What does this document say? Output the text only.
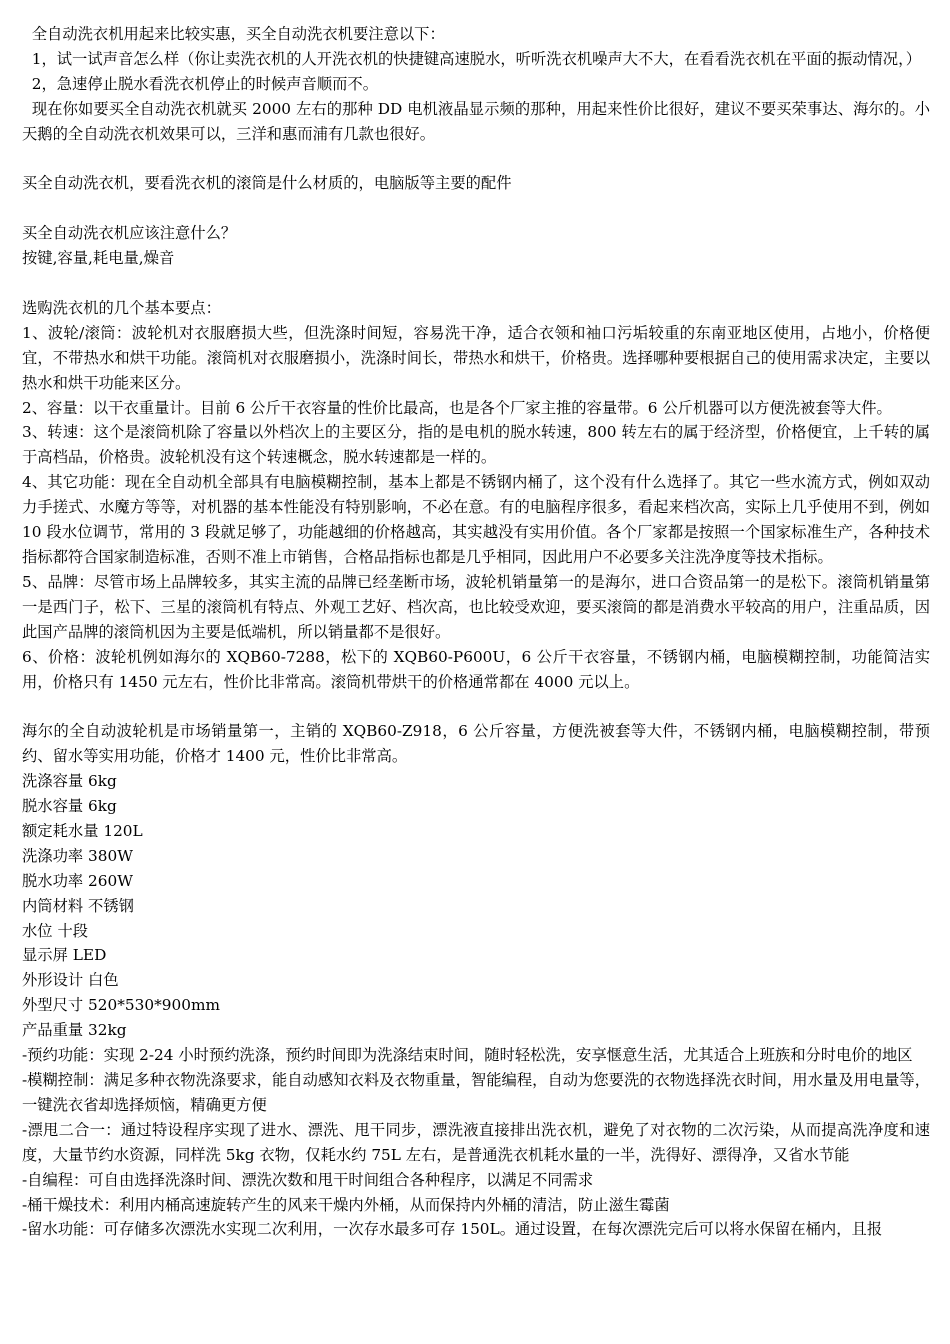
全自动洗衣机用起来比较实惠，买全自动洗衣机要注意以下：
1，试一试声音怎么样（你让卖洗衣机的人开洗衣机的快捷键高速脱水，听听洗衣机噪声大不大，在看看洗衣机在平面的振动情况，）
2，急速停止脱水看洗衣机停止的时候声音顺而不。
现在你如要买全自动洗衣机就买 2000 左右的那种 DD 电机液晶显示频的那种，用起来性价比很好，建议不要买荣事达、海尔的。小天鹅的全自动洗衣机效果可以，三洋和惠而浦有几款也很好。
买全自动洗衣机，要看洗衣机的滚筒是什么材质的，电脑版等主要的配件
买全自动洗衣机应该注意什么？
按键,容量,耗电量,燥音
选购洗衣机的几个基本要点：
1、波轮/滚筒：波轮机对衣服磨损大些，但洗涤时间短，容易洗干净，适合衣领和袖口污垢较重的东南亚地区使用，占地小，价格便宜，不带热水和烘干功能。滚筒机对衣服磨损小，洗涤时间长，带热水和烘干，价格贵。选择哪种要根据自己的使用需求决定，主要以热水和烘干功能来区分。
2、容量：以干衣重量计。目前 6 公斤干衣容量的性价比最高，也是各个厂家主推的容量带。6 公斤机器可以方便洗被套等大件。
3、转速：这个是滚筒机除了容量以外档次上的主要区分，指的是电机的脱水转速，800 转左右的属于经济型，价格便宜，上千转的属于高档品，价格贵。波轮机没有这个转速概念，脱水转速都是一样的。
4、其它功能：现在全自动机全部具有电脑模糊控制，基本上都是不锈钢内桶了，这个没有什么选择了。其它一些水流方式，例如双动力手搓式、水魔方等等，对机器的基本性能没有特别影响，不必在意。有的电脑程序很多，看起来档次高，实际上几乎使用不到，例如 10 段水位调节，常用的 3 段就足够了，功能越细的价格越高，其实越没有实用价值。各个厂家都是按照一个国家标准生产，各种技术指标都符合国家制造标准，否则不准上市销售，合格品指标也都是几乎相同，因此用户不必要多关注洗净度等技术指标。
5、品牌：尽管市场上品牌较多，其实主流的品牌已经垄断市场，波轮机销量第一的是海尔，进口合资品第一的是松下。滚筒机销量第一是西门子，松下、三星的滚筒机有特点、外观工艺好、档次高，也比较受欢迎，要买滚筒的都是消费水平较高的用户，注重品质，因此国产品牌的滚筒机因为主要是低端机，所以销量都不是很好。
6、价格：波轮机例如海尔的 XQB60-7288，松下的 XQB60-P600U，6 公斤干衣容量，不锈钢内桶，电脑模糊控制，功能简洁实用，价格只有 1450 元左右，性价比非常高。滚筒机带烘干的价格通常都在 4000 元以上。
海尔的全自动波轮机是市场销量第一，主销的 XQB60-Z918，6 公斤容量，方便洗被套等大件，不锈钢内桶，电脑模糊控制，带预约、留水等实用功能，价格才 1400 元，性价比非常高。
洗涤容量 6kg
脱水容量 6kg
额定耗水量 120L
洗涤功率 380W
脱水功率 260W
内筒材料 不锈钢
水位 十段
显示屏 LED
外形设计 白色
外型尺寸 520*530*900mm
产品重量 32kg
-预约功能：实现 2-24 小时预约洗涤，预约时间即为洗涤结束时间，随时轻松洗，安享惬意生活，尤其适合上班族和分时电价的地区
-模糊控制：满足多种衣物洗涤要求，能自动感知衣料及衣物重量，智能编程，自动为您要洗的衣物选择洗衣时间，用水量及用电量等，一键洗衣省却选择烦恼，精确更方便
-漂甩二合一：通过特设程序实现了进水、漂洗、甩干同步，漂洗液直接排出洗衣机，避免了对衣物的二次污染，从而提高洗净度和速度，大量节约水资源，同样洗 5kg 衣物，仅耗水约 75L 左右，是普通洗衣机耗水量的一半，洗得好、漂得净，又省水节能
-自编程：可自由选择洗涤时间、漂洗次数和甩干时间组合各种程序，以满足不同需求
-桶干燥技术：利用内桶高速旋转产生的风来干燥内外桶，从而保持内外桶的清洁，防止滋生霉菌
-留水功能：可存储多次漂洗水实现二次利用，一次存水最多可存 150L。通过设置，在每次漂洗完后可以将水保留在桶内，且报
